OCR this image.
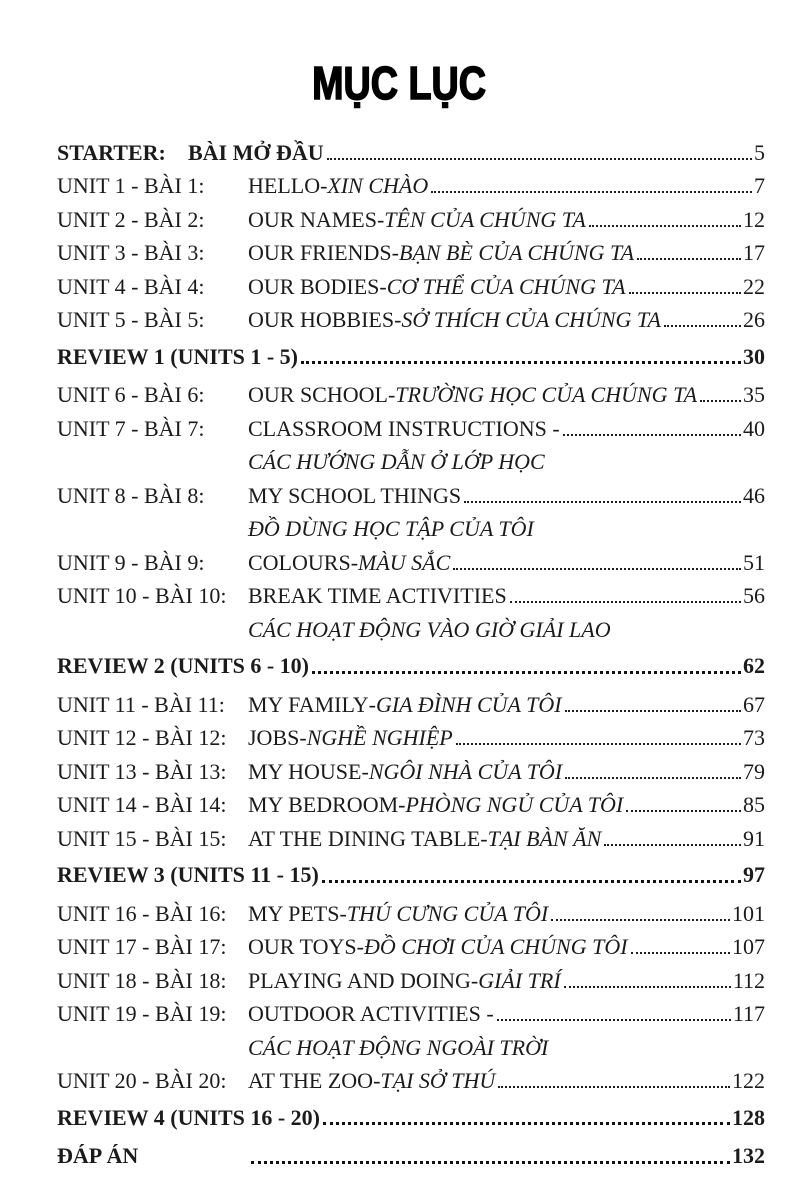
MỤC LỤC
STARTER:	BÀI MỞ ĐẦU	5
UNIT 1 - BÀI 1:	HELLO - XIN CHÀO	7
UNIT 2 - BÀI 2:	OUR NAMES - TÊN CỦA CHÚNG TA	12
UNIT 3 - BÀI 3:	OUR FRIENDS - BẠN BÈ CỦA CHÚNG TA	17
UNIT 4 - BÀI 4:	OUR BODIES - CƠ THỂ CỦA CHÚNG TA	22
UNIT 5 - BÀI 5:	OUR HOBBIES - SỞ THÍCH CỦA CHÚNG TA	26
REVIEW 1 (UNITS 1 - 5)	30
UNIT 6 - BÀI 6:	OUR SCHOOL - TRƯỜNG HỌC CỦA CHÚNG TA 35
UNIT 7 - BÀI 7:	CLASSROOM INSTRUCTIONS -	40
CÁC HƯỚNG DẪN Ở LỚP HỌC
UNIT 8 - BÀI 8:	MY SCHOOL THINGS	46
ĐỒ DÙNG HỌC TẬP CỦA TÔI
UNIT 9 - BÀI 9:	COLOURS - MÀU SẮC	51
UNIT 10 - BÀI 10: BREAK TIME ACTIVITIES	56
CÁC HOẠT ĐỘNG VÀO GIỜ GIẢI LAO
REVIEW 2 (UNITS 6 - 10)	62
UNIT 11 - BÀI 11:	MY FAMILY - GIA ĐÌNH CỦA TÔI	67
UNIT 12 - BÀI 12: JOBS - NGHỀ NGHIỆP	73
UNIT 13 - BÀI 13: MY HOUSE - NGÔI NHÀ CỦA TÔI	79
UNIT 14 - BÀI 14: MY BEDROOM - PHÒNG NGỦ CỦA TÔI	85
UNIT 15 - BÀI 15: AT THE DINING TABLE - TẠI BÀN ĂN	91
REVIEW 3 (UNITS 11 - 15)	97
UNIT 16 - BÀI 16: MY PETS - THÚ CƯNG CỦA TÔI	101
UNIT 17 - BÀI 17: OUR TOYS - ĐỒ CHƠI CỦA CHÚNG TÔI	107
UNIT 18 - BÀI 18: PLAYING AND DOING - GIẢI TRÍ	112
UNIT 19 - BÀI 19: OUTDOOR ACTIVITIES -	117
CÁC HOẠT ĐỘNG NGOÀI TRỜI
UNIT 20 - BÀI 20: AT THE ZOO - TẠI SỞ THÚ	122
REVIEW 4 (UNITS 16 - 20)	128
ĐÁP ÁN	132
